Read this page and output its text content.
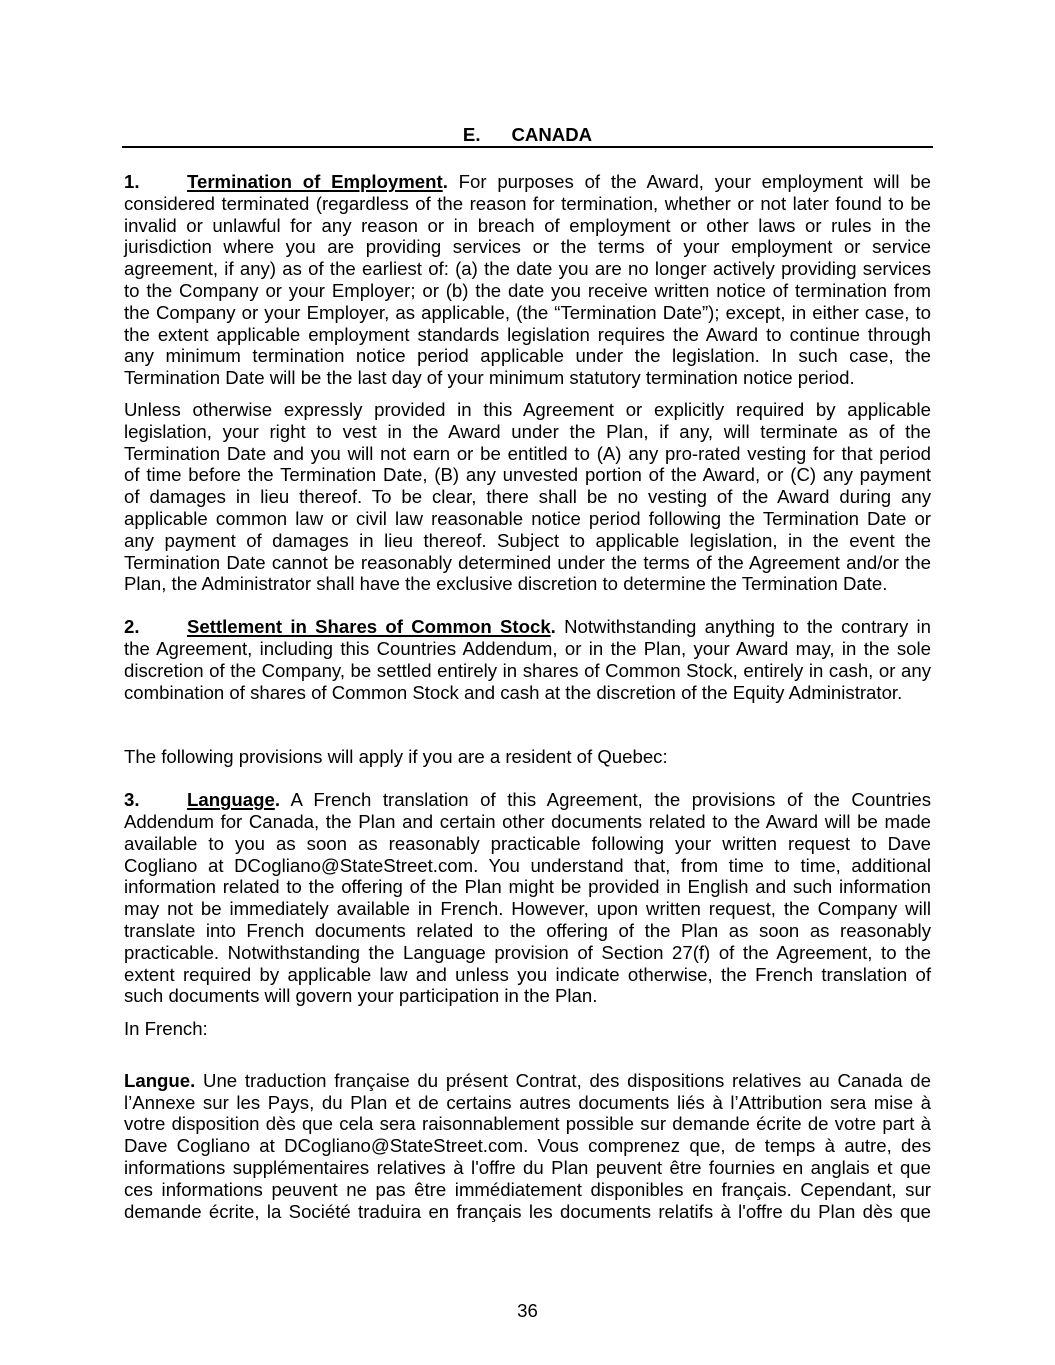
E. CANADA
1.	Termination of Employment. For purposes of the Award, your employment will be
considered terminated (regardless of the reason for termination, whether or not later found to be
invalid or unlawful for any reason or in breach of employment or other laws or rules in the
jurisdiction where you are providing services or the terms of your employment or service
agreement, if any) as of the earliest of: (a) the date you are no longer actively providing services
to the Company or your Employer; or (b) the date you receive written notice of termination from
the Company or your Employer, as applicable, (the “Termination Date”); except, in either case, to
the extent applicable employment standards legislation requires the Award to continue through
any minimum termination notice period applicable under the legislation. In such case, the
Termination Date will be the last day of your minimum statutory termination notice period.
Unless otherwise expressly provided in this Agreement or explicitly required by applicable
legislation, your right to vest in the Award under the Plan, if any, will terminate as of the
Termination Date and you will not earn or be entitled to (A) any pro-rated vesting for that period
of time before the Termination Date, (B) any unvested portion of the Award, or (C) any payment
of damages in lieu thereof. To be clear, there shall be no vesting of the Award during any
applicable common law or civil law reasonable notice period following the Termination Date or
any payment of damages in lieu thereof. Subject to applicable legislation, in the event the
Termination Date cannot be reasonably determined under the terms of the Agreement and/or the
Plan, the Administrator shall have the exclusive discretion to determine the Termination Date.
2.	Settlement in Shares of Common Stock. Notwithstanding anything to the contrary in
the Agreement, including this Countries Addendum, or in the Plan, your Award may, in the sole
discretion of the Company, be settled entirely in shares of Common Stock, entirely in cash, or any
combination of shares of Common Stock and cash at the discretion of the Equity Administrator.
The following provisions will apply if you are a resident of Quebec:
3.	Language. A French translation of this Agreement, the provisions of the Countries
Addendum for Canada, the Plan and certain other documents related to the Award will be made
available to you as soon as reasonably practicable following your written request to Dave
Cogliano at DCogliano@StateStreet.com. You understand that, from time to time, additional
information related to the offering of the Plan might be provided in English and such information
may not be immediately available in French. However, upon written request, the Company will
translate into French documents related to the offering of the Plan as soon as reasonably
practicable. Notwithstanding the Language provision of Section 27(f) of the Agreement, to the
extent required by applicable law and unless you indicate otherwise, the French translation of
such documents will govern your participation in the Plan.
In French:
Langue. Une traduction française du présent Contrat, des dispositions relatives au Canada de
l’Annexe sur les Pays, du Plan et de certains autres documents liés à l’Attribution sera mise à
votre disposition dès que cela sera raisonnablement possible sur demande écrite de votre part à
Dave Cogliano at DCogliano@StateStreet.com. Vous comprenez que, de temps à autre, des
informations supplémentaires relatives à l'offre du Plan peuvent être fournies en anglais et que
ces informations peuvent ne pas être immédiatement disponibles en français. Cependant, sur
demande écrite, la Société traduira en français les documents relatifs à l'offre du Plan dès que
36
